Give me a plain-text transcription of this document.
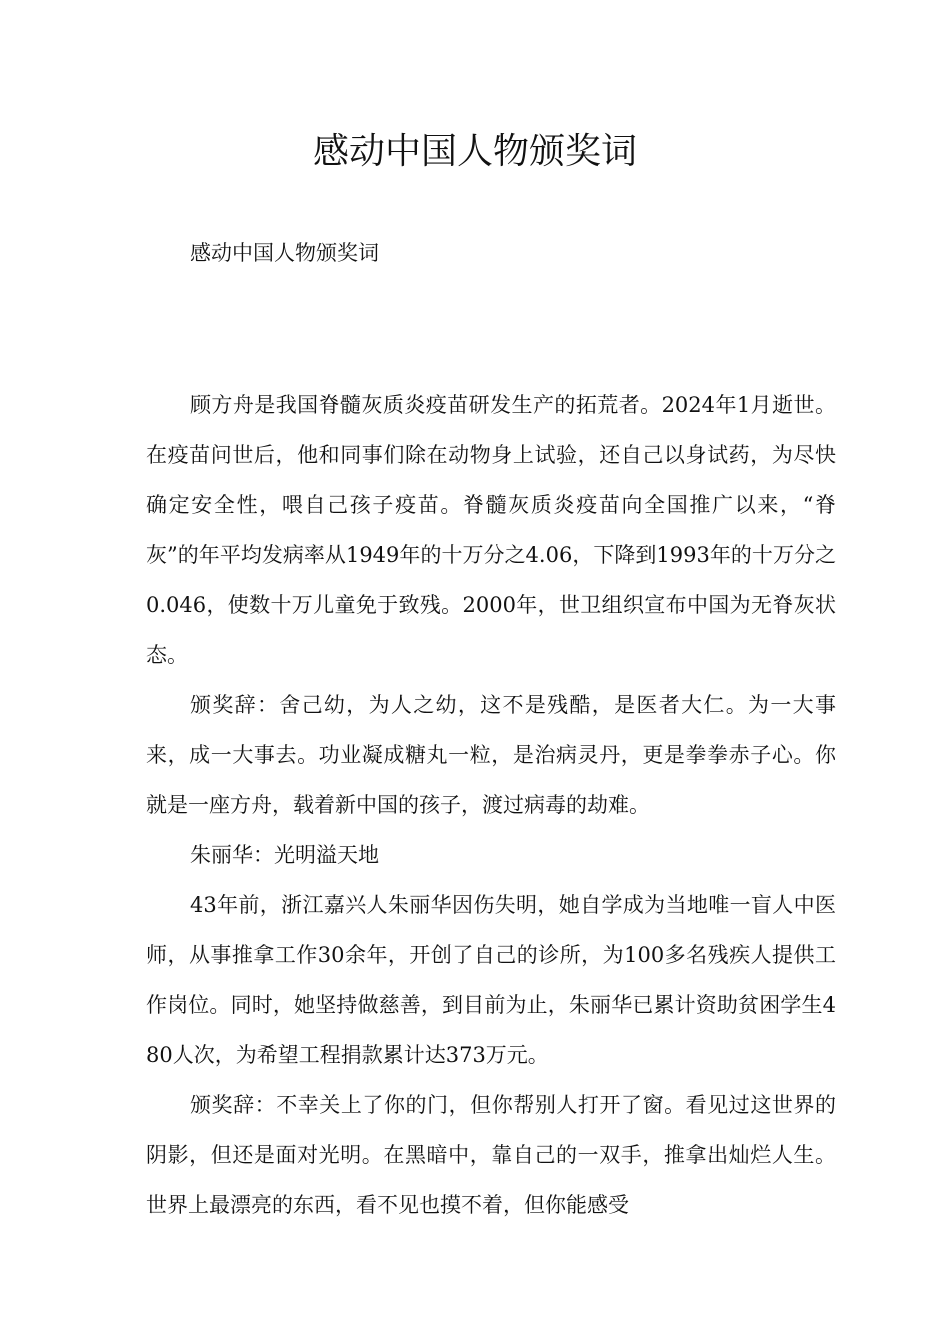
感动中国人物颁奖词

感动中国人物颁奖词

顾方舟是我国脊髓灰质炎疫苗研发生产的拓荒者。2024年1月逝世。在疫苗问世后，他和同事们除在动物身上试验，还自己以身试药，为尽快确定安全性，喂自己孩子疫苗。脊髓灰质炎疫苗向全国推广以来，“脊灰”的年平均发病率从1949年的十万分之4.06，下降到1993年的十万分之0.046，使数十万儿童免于致残。2000年，世卫组织宣布中国为无脊灰状态。

颁奖辞：舍己幼，为人之幼，这不是残酷，是医者大仁。为一大事来，成一大事去。功业凝成糖丸一粒，是治病灵丹，更是拳拳赤子心。你就是一座方舟，载着新中国的孩子，渡过病毒的劫难。

朱丽华：光明溢天地

43年前，浙江嘉兴人朱丽华因伤失明，她自学成为当地唯一盲人中医师，从事推拿工作30余年，开创了自己的诊所，为100多名残疾人提供工作岗位。同时，她坚持做慈善，到目前为止，朱丽华已累计资助贫困学生480人次，为希望工程捐款累计达373万元。

颁奖辞：不幸关上了你的门，但你帮别人打开了窗。看见过这世界的阴影，但还是面对光明。在黑暗中，靠自己的一双手，推拿出灿烂人生。世界上最漂亮的东西，看不见也摸不着，但你能感受
